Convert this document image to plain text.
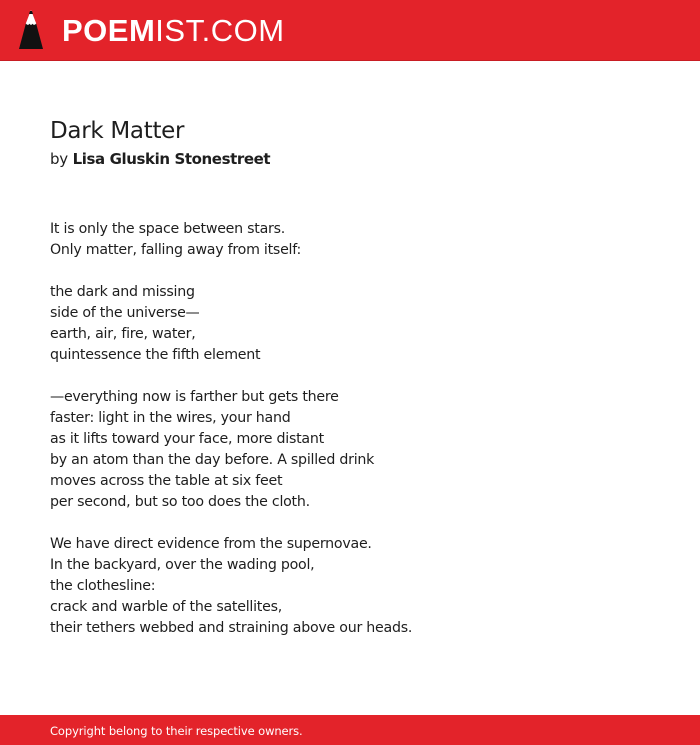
POEMIST.COM
Dark Matter
by Lisa Gluskin Stonestreet
It is only the space between stars.
Only matter, falling away from itself:
the dark and missing
side of the universe—
earth, air, fire, water,
quintessence the fifth element
—everything now is farther but gets there
faster: light in the wires, your hand
as it lifts toward your face, more distant
by an atom than the day before. A spilled drink
moves across the table at six feet
per second, but so too does the cloth.
We have direct evidence from the supernovae.
In the backyard, over the wading pool,
the clothesline:
crack and warble of the satellites,
their tethers webbed and straining above our heads.
Copyright belong to their respective owners.
